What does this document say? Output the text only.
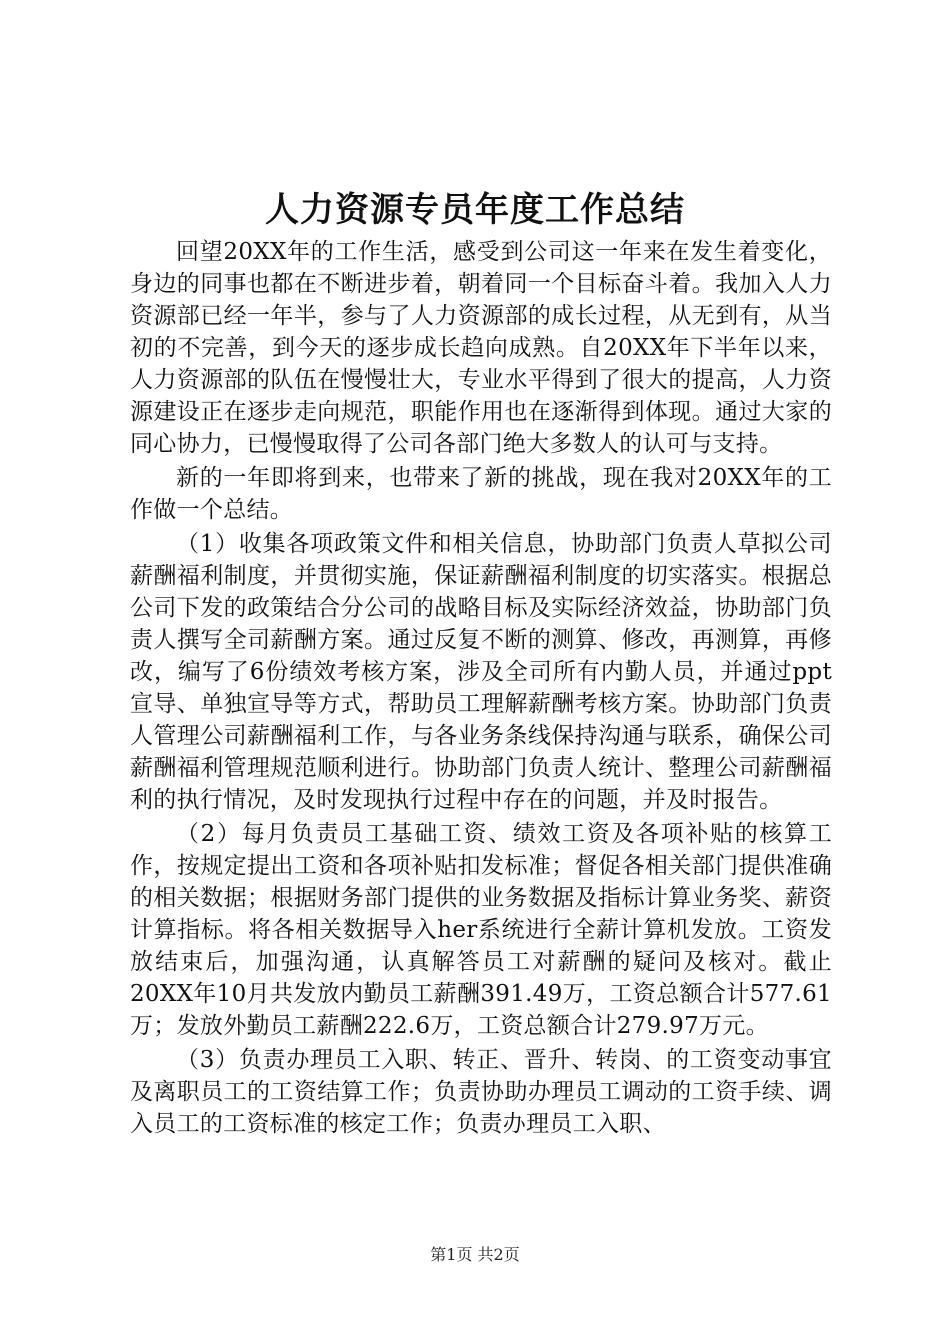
人力资源专员年度工作总结

回望20XX年的工作生活，感受到公司这一年来在发生着变化，身边的同事也都在不断进步着，朝着同一个目标奋斗着。我加入人力资源部已经一年半，参与了人力资源部的成长过程，从无到有，从当初的不完善，到今天的逐步成长趋向成熟。自20XX年下半年以来，人力资源部的队伍在慢慢壮大，专业水平得到了很大的提高，人力资源建设正在逐步走向规范，职能作用也在逐渐得到体现。通过大家的同心协力，已慢慢取得了公司各部门绝大多数人的认可与支持。

新的一年即将到来，也带来了新的挑战，现在我对20XX年的工作做一个总结。

（1）收集各项政策文件和相关信息，协助部门负责人草拟公司薪酬福利制度，并贯彻实施，保证薪酬福利制度的切实落实。根据总公司下发的政策结合分公司的战略目标及实际经济效益，协助部门负责人撰写全司薪酬方案。通过反复不断的测算、修改，再测算，再修改，编写了6份绩效考核方案，涉及全司所有内勤人员，并通过ppt宣导、单独宣导等方式，帮助员工理解薪酬考核方案。协助部门负责人管理公司薪酬福利工作，与各业务条线保持沟通与联系，确保公司薪酬福利管理规范顺利进行。协助部门负责人统计、整理公司薪酬福利的执行情况，及时发现执行过程中存在的问题，并及时报告。

（2）每月负责员工基础工资、绩效工资及各项补贴的核算工作，按规定提出工资和各项补贴扣发标准；督促各相关部门提供准确的相关数据；根据财务部门提供的业务数据及指标计算业务奖、薪资计算指标。将各相关数据导入her系统进行全薪计算机发放。工资发放结束后，加强沟通，认真解答员工对薪酬的疑问及核对。截止20XX年10月共发放内勤员工薪酬391.49万，工资总额合计577.61万；发放外勤员工薪酬222.6万，工资总额合计279.97万元。

（3）负责办理员工入职、转正、晋升、转岗、的工资变动事宜及离职员工的工资结算工作；负责协助办理员工调动的工资手续、调入员工的工资标准的核定工作；负责办理员工入职、

第1页 共2页
